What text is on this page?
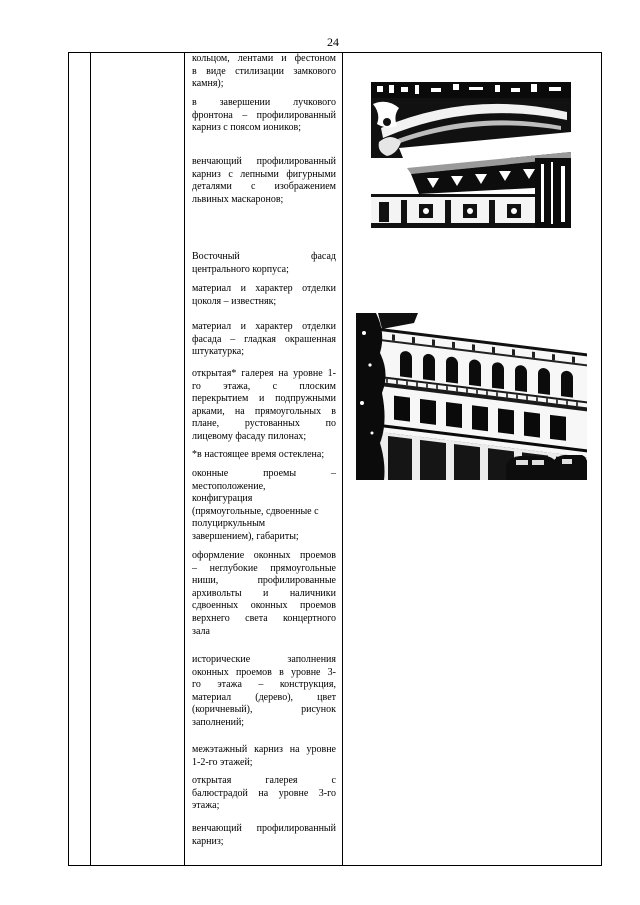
24
кольцом, лентами и фестоном
в виде стилизации замкового
камня);
в завершении лучкового
фронтона – профилированный
карниз с поясом иоников;
венчающий профилированный
карниз с лепными фигурными
деталями с изображением
львиных маскаронов;
Восточный фасад
центрального корпуса;
материал и характер отделки
цоколя – известняк;
материал и характер отделки
фасада – гладкая окрашенная
штукатурка;
открытая* галерея на уровне 1-
го этажа, с плоским
перекрытием и подпружными
арками, на прямоугольных в
плане, рустованных по
лицевому фасаду пилонах;
*в настоящее время остеклена;
оконные проемы –
местоположение,
конфигурация
(прямоугольные, сдвоенные с
полуциркульным
завершением), габариты;
оформление оконных проемов
– неглубокие прямоугольные
ниши, профилированные
архивольты и наличники
сдвоенных оконных проемов
верхнего света концертного
зала
исторические заполнения
оконных проемов в уровне 3-
го этажа – конструкция,
материал (дерево), цвет
(коричневый), рисунок
заполнений;
межэтажный карниз на уровне
1-2-го этажей;
открытая галерея с
балюстрадой на уровне 3-го
этажа;
венчающий профилированный
карниз;
